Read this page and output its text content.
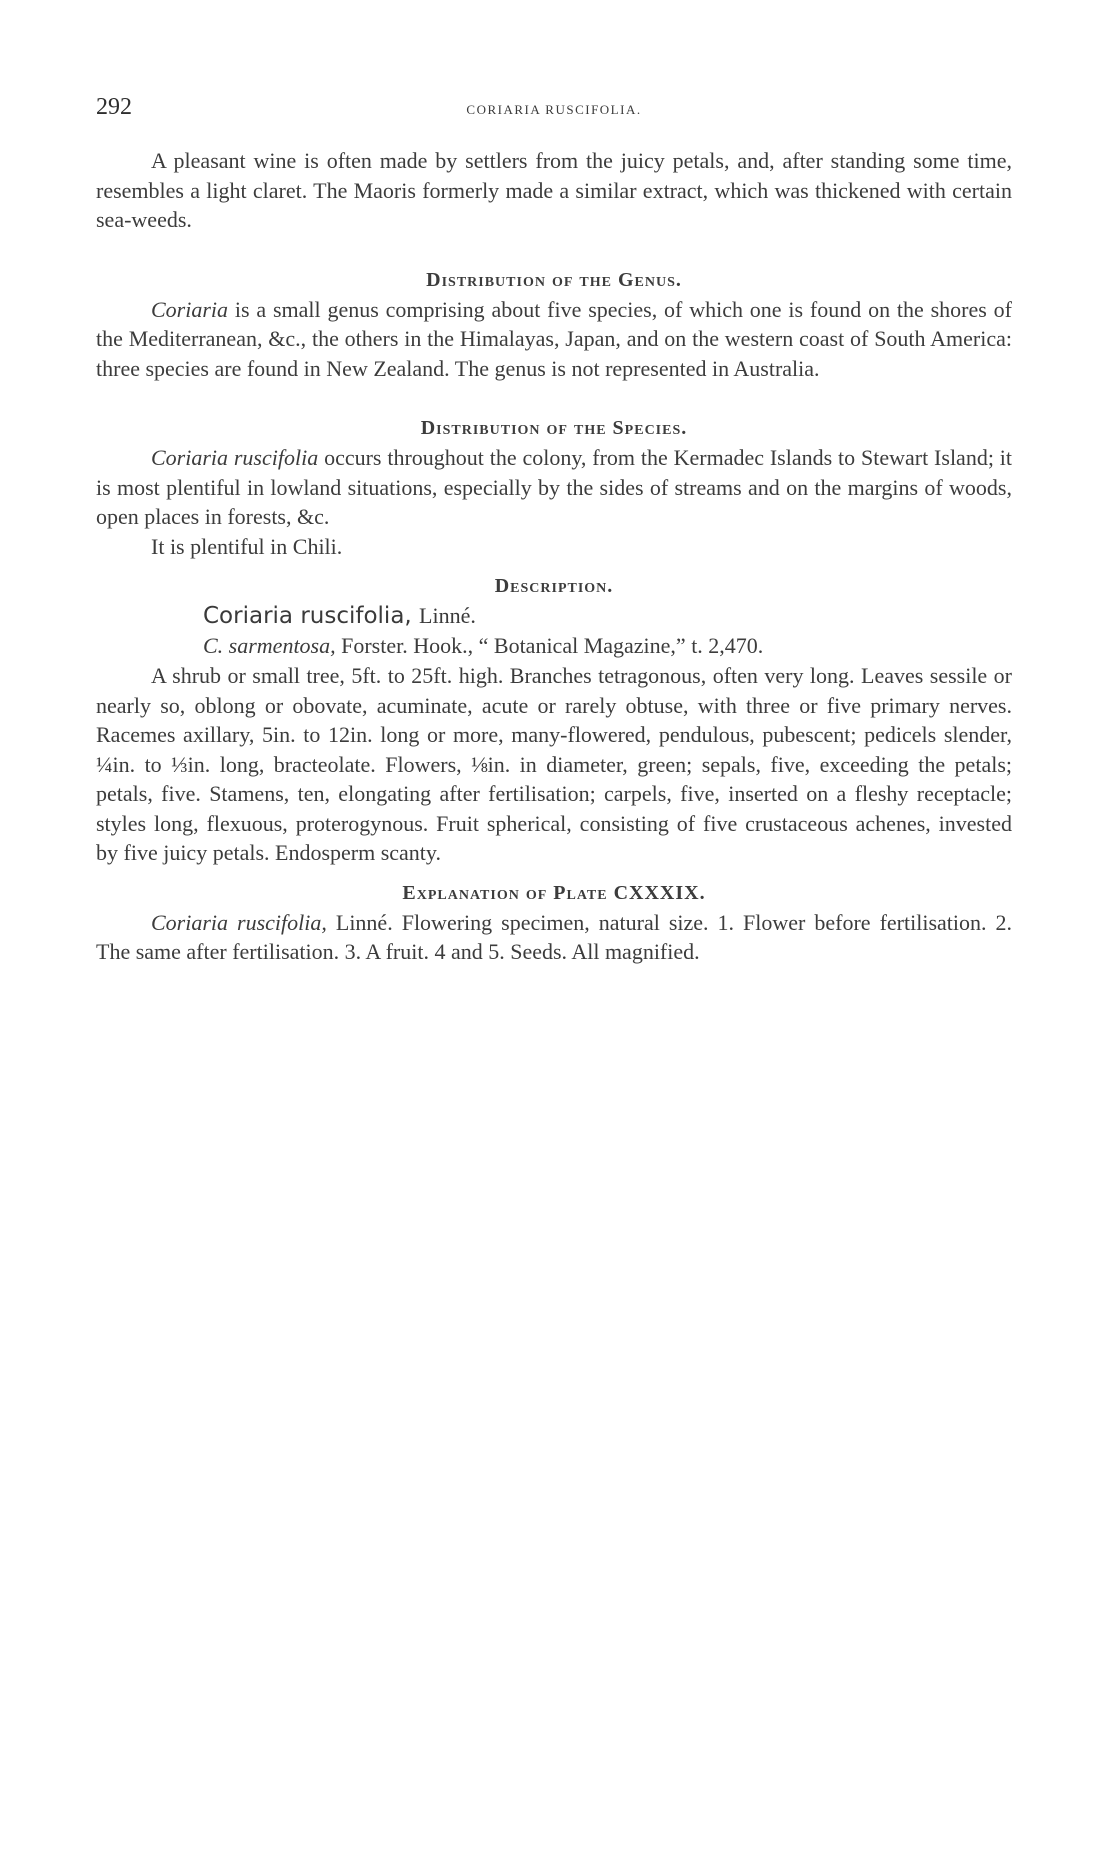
292	CORIARIA RUSCIFOLIA.

A pleasant wine is often made by settlers from the juicy petals, and, after standing some time, resembles a light claret. The Maoris formerly made a similar extract, which was thickened with certain sea-weeds.

Distribution of the Genus.

Coriaria is a small genus comprising about five species, of which one is found on the shores of the Mediterranean, &c., the others in the Himalayas, Japan, and on the western coast of South America: three species are found in New Zealand. The genus is not represented in Australia.

Distribution of the Species.

Coriaria ruscifolia occurs throughout the colony, from the Kermadec Islands to Stewart Island; it is most plentiful in lowland situations, especially by the sides of streams and on the margins of woods, open places in forests, &c.

It is plentiful in Chili.

Description.
Coriaria ruscifolia, Linné.
C. sarmentosa, Forster. Hook., “ Botanical Magazine,” t. 2,470.

A shrub or small tree, 5ft. to 25ft. high. Branches tetragonous, often very long. Leaves sessile or nearly so, oblong or obovate, acuminate, acute or rarely obtuse, with three or five primary nerves. Racemes axillary, 5in. to 12in. long or more, many-flowered, pendulous, pubescent; pedicels slender, ¼in. to ⅓in. long, bracteolate. Flowers, ⅛in. in diameter, green; sepals, five, exceeding the petals; petals, five. Stamens, ten, elongating after fertilisation; carpels, five, inserted on a fleshy receptacle; styles long, flexuous, proterogynous. Fruit spherical, consisting of five crustaceous achenes, invested by five juicy petals. Endosperm scanty.

Explanation of Plate CXXXIX.

Coriaria ruscifolia, Linné. Flowering specimen, natural size. 1. Flower before fertilisation. 2. The same after fertilisation. 3. A fruit. 4 and 5. Seeds. All magnified.
